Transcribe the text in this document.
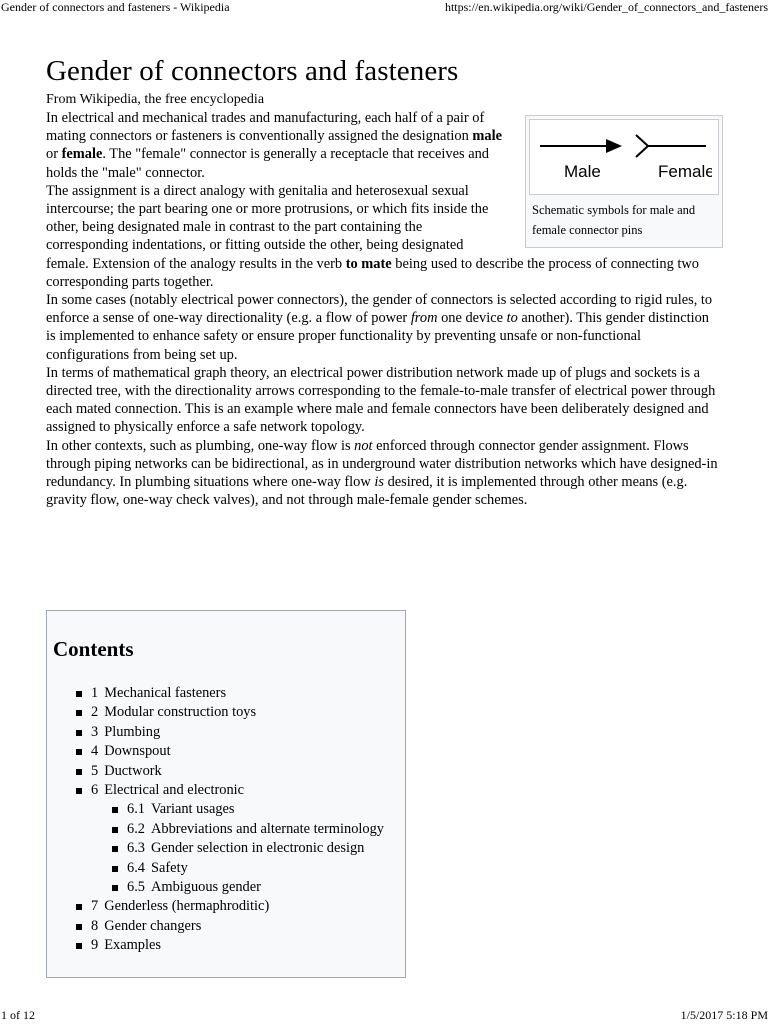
Gender of connectors and fasteners - Wikipedia	https://en.wikipedia.org/wiki/Gender_of_connectors_and_fasteners
Gender of connectors and fasteners
From Wikipedia, the free encyclopedia

Male	Female
Schematic symbols for male and female connector pins
In electrical and mechanical trades and manufacturing, each half of a pair of mating connectors or fasteners is conventionally assigned the designation male or female. The "female" connector is generally a receptacle that receives and holds the "male" connector.

The assignment is a direct analogy with genitalia and heterosexual sexual intercourse; the part bearing one or more protrusions, or which fits inside the other, being designated male in contrast to the part containing the corresponding indentations, or fitting outside the other, being designated female. Extension of the analogy results in the verb to mate being used to describe the process of connecting two corresponding parts together.

In some cases (notably electrical power connectors), the gender of connectors is selected according to rigid rules, to enforce a sense of one-way directionality (e.g. a flow of power from one device to another). This gender distinction is implemented to enhance safety or ensure proper functionality by preventing unsafe or non-functional configurations from being set up.

In terms of mathematical graph theory, an electrical power distribution network made up of plugs and sockets is a directed tree, with the directionality arrows corresponding to the female-to-male transfer of electrical power through each mated connection. This is an example where male and female connectors have been deliberately designed and assigned to physically enforce a safe network topology.

In other contexts, such as plumbing, one-way flow is not enforced through connector gender assignment. Flows through piping networks can be bidirectional, as in underground water distribution networks which have designed-in redundancy. In plumbing situations where one-way flow is desired, it is implemented through other means (e.g. gravity flow, one-way check valves), and not through male-female gender schemes.

Contents
1 Mechanical fasteners
2 Modular construction toys
3 Plumbing
4 Downspout
5 Ductwork
6 Electrical and electronic
6.1 Variant usages
6.2 Abbreviations and alternate terminology
6.3 Gender selection in electronic design
6.4 Safety
6.5 Ambiguous gender
7 Genderless (hermaphroditic)
8 Gender changers
9 Examples
1 of 12	1/5/2017 5:18 PM
